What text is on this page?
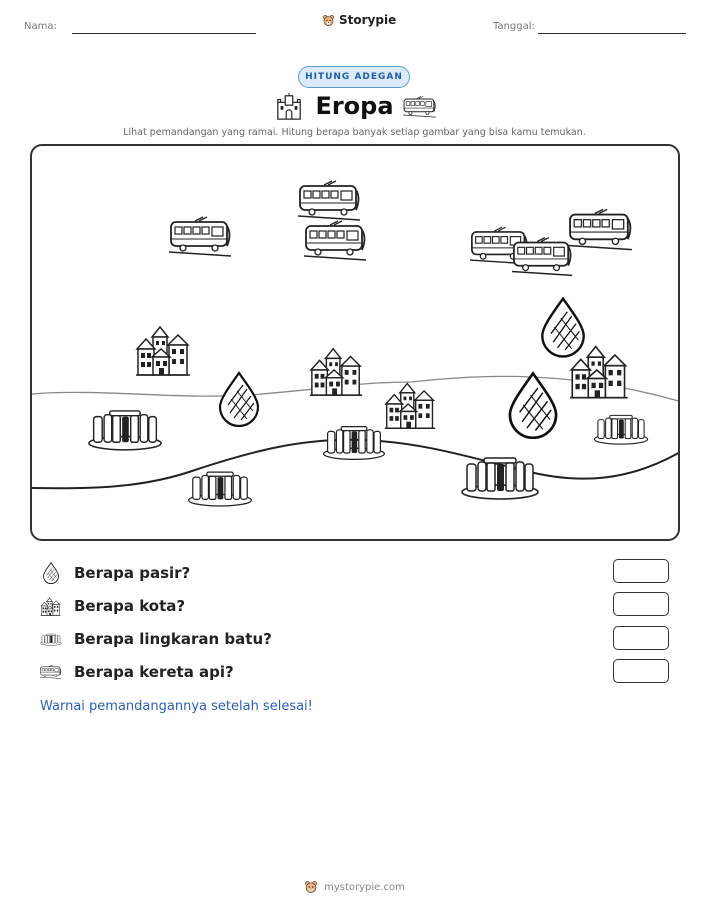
Nama:	Storypie	Tanggal:
HITUNG ADEGAN
Eropa
Lihat pemandangan yang ramai. Hitung berapa banyak setiap gambar yang bisa kamu temukan.
Berapa pasir?
Berapa kota?
Berapa lingkaran batu?
Berapa kereta api?
Warnai pemandangannya setelah selesai!
mystorypie.com
